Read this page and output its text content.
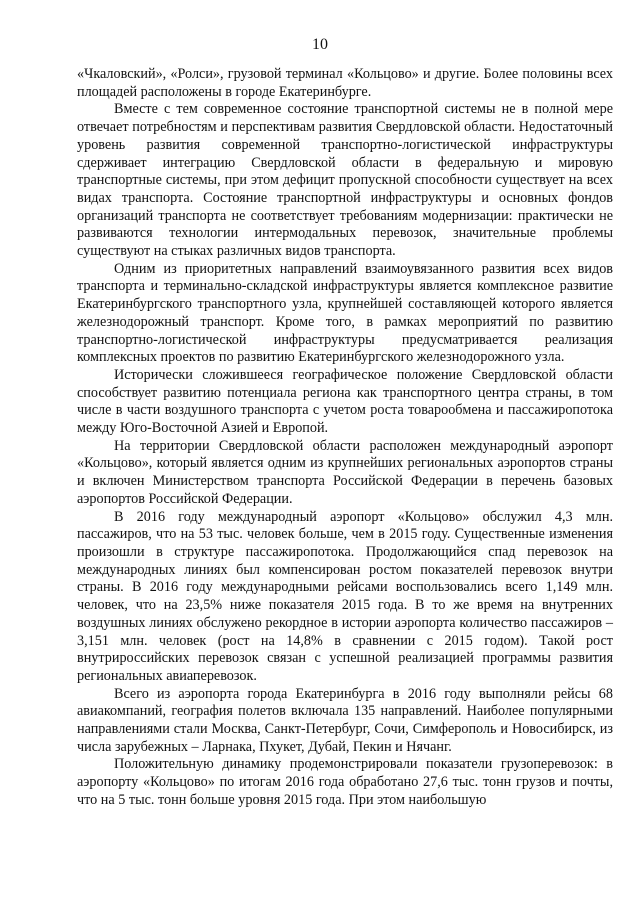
10

«Чкаловский», «Ролси», грузовой терминал «Кольцово» и другие. Более половины всех площадей расположены в городе Екатеринбурге.

Вместе с тем современное состояние транспортной системы не в полной мере отвечает потребностям и перспективам развития Свердловской области. Недостаточный уровень развития современной транспортно-логистической инфраструктуры сдерживает интеграцию Свердловской области в федеральную и мировую транспортные системы, при этом дефицит пропускной способности существует на всех видах транспорта. Состояние транспортной инфраструктуры и основных фондов организаций транспорта не соответствует требованиям модернизации: практически не развиваются технологии интермодальных перевозок, значительные проблемы существуют на стыках различных видов транспорта.

Одним из приоритетных направлений взаимоувязанного развития всех видов транспорта и терминально-складской инфраструктуры является комплексное развитие Екатеринбургского транспортного узла, крупнейшей составляющей которого является железнодорожный транспорт. Кроме того, в рамках мероприятий по развитию транспортно-логистической инфраструктуры предусматривается реализация комплексных проектов по развитию Екатеринбургского железнодорожного узла.

Исторически сложившееся географическое положение Свердловской области способствует развитию потенциала региона как транспортного центра страны, в том числе в части воздушного транспорта с учетом роста товарообмена и пассажиропотока между Юго-Восточной Азией и Европой.

На территории Свердловской области расположен международный аэропорт «Кольцово», который является одним из крупнейших региональных аэропортов страны и включен Министерством транспорта Российской Федерации в перечень базовых аэропортов Российской Федерации.

В 2016 году международный аэропорт «Кольцово» обслужил 4,3 млн. пассажиров, что на 53 тыс. человек больше, чем в 2015 году. Существенные изменения произошли в структуре пассажиропотока. Продолжающийся спад перевозок на международных линиях был компенсирован ростом показателей перевозок внутри страны. В 2016 году международными рейсами воспользовались всего 1,149 млн. человек, что на 23,5% ниже показателя 2015 года. В то же время на внутренних воздушных линиях обслужено рекордное в истории аэропорта количество пассажиров – 3,151 млн. человек (рост на 14,8% в сравнении с 2015 годом). Такой рост внутрироссийских перевозок связан с успешной реализацией программы развития региональных авиаперевозок.

Всего из аэропорта города Екатеринбурга в 2016 году выполняли рейсы 68 авиакомпаний, география полетов включала 135 направлений. Наиболее популярными направлениями стали Москва, Санкт-Петербург, Сочи, Симферополь и Новосибирск, из числа зарубежных – Ларнака, Пхукет, Дубай, Пекин и Нячанг.

Положительную динамику продемонстрировали показатели грузоперевозок: в аэропорту «Кольцово» по итогам 2016 года обработано 27,6 тыс. тонн грузов и почты, что на 5 тыс. тонн больше уровня 2015 года. При этом наибольшую
